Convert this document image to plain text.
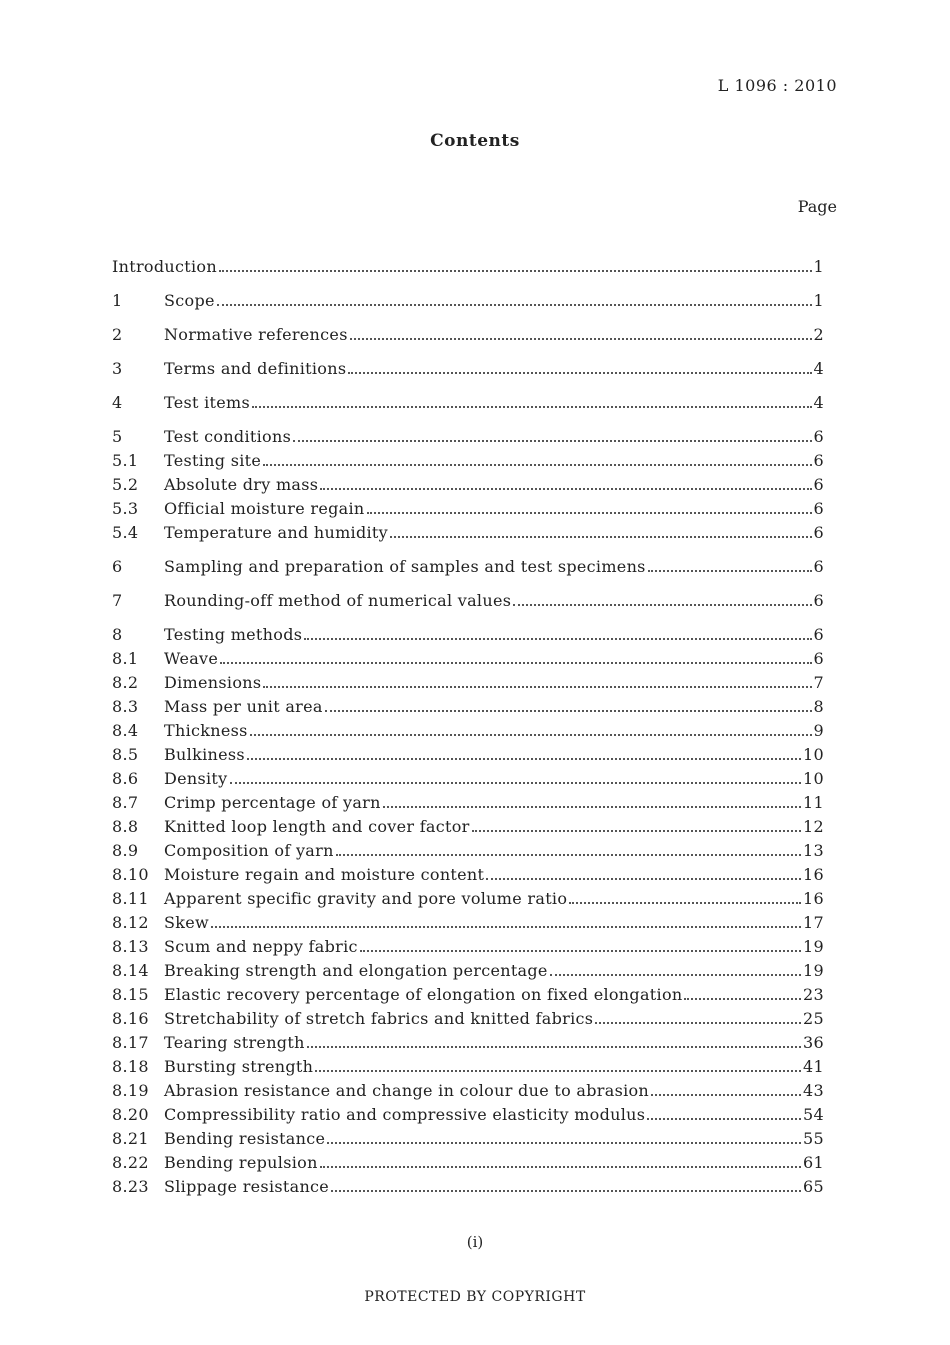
L 1096 : 2010
Contents
Page
Introduction	1
1	Scope	1
2	Normative references	2
3	Terms and definitions	4
4	Test items	4
5	Test conditions	6
5.1	Testing site	6
5.2	Absolute dry mass	6
5.3	Official moisture regain	6
5.4	Temperature and humidity	6
6	Sampling and preparation of samples and test specimens	6
7	Rounding-off method of numerical values	6
8	Testing methods	6
8.1	Weave	6
8.2	Dimensions	7
8.3	Mass per unit area	8
8.4	Thickness	9
8.5	Bulkiness	10
8.6	Density	10
8.7	Crimp percentage of yarn	11
8.8	Knitted loop length and cover factor	12
8.9	Composition of yarn	13
8.10 Moisture regain and moisture content	16
8.11 Apparent specific gravity and pore volume ratio	16
8.12 Skew	17
8.13 Scum and neppy fabric	19
8.14 Breaking strength and elongation percentage	19
8.15 Elastic recovery percentage of elongation on fixed elongation	23
8.16 Stretchability of stretch fabrics and knitted fabrics	25
8.17 Tearing strength	36
8.18 Bursting strength	41
8.19 Abrasion resistance and change in colour due to abrasion	43
8.20 Compressibility ratio and compressive elasticity modulus	54
8.21 Bending resistance	55
8.22 Bending repulsion	61
8.23 Slippage resistance	65
(i)
PROTECTED BY COPYRIGHT
